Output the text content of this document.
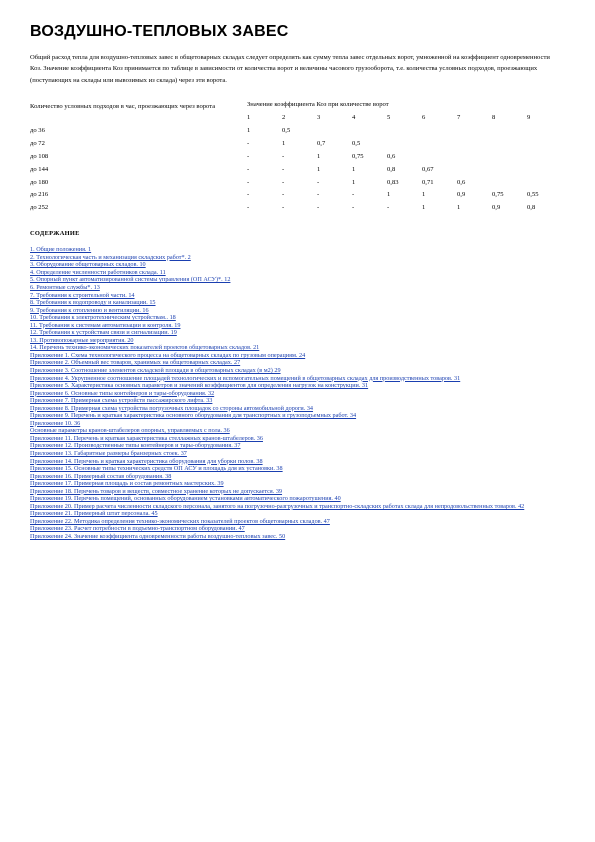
ВОЗДУШНО-ТЕПЛОВЫХ ЗАВЕС

Общий расход тепла для воздушно-тепловых завес в общетоварных складах следует определять как сумму тепла завес отдельных ворот, умноженной на коэффициент одновременности Коз. Значение коэффициента Коз принимается по таблице в зависимости от количества ворот и величины часового грузооборота, т.е. количества условных подходов, проезжающих (поступающих на склады или вывозимых из склада) через эти ворота.

Количество условных подходов в час, проезжающих через ворота	Значение коэффициента Коз при количестве ворот								
	1	2	3	4	5	6	7	8	9
до 36	1	0,5							
до 72	-	1	0,7	0,5					
до 108	-	-	1	0,75	0,6				
до 144	-	-	1	1	0,8	0,67			
до 180	-	-	-	1	0,83	0,71	0,6		
до 216	-	-	-	-	1	1	0,9	0,75	0,55
до 252	-	-	-	-	-	1	1	0,9	0,8
СОДЕРЖАНИЕ
1. Общие положения. 1
2. Технологическая часть и механизация складских работ*. 2
3. Оборудование общетоварных складов. 10
4. Определение численности работников склада. 11
5. Опорный пункт автоматизированной системы управления (ОП АСУ)*. 12
6. Ремонтные службы*. 13
7. Требования к строительной части. 14
8. Требования к водопроводу и канализации. 15
9. Требования к отоплению и вентиляции. 16
10. Требования к электротехническим устройствам.. 18
11. Требования к системам автоматизации и контроля. 19
12. Требования к устройствам связи и сигнализации. 19
13. Противопожарные мероприятия. 20
14. Перечень технико-экономических показателей проектов общетоварных складов. 21
Приложение 1. Схема технологического процесса на общетоварных складах по грузовым операциям. 24
Приложение 2. Объемный вес товаров, хранимых на общетоварных складах. 27
Приложение 3. Соотношение элементов складской площади в общетоварных складах (в м2) 29
Приложение 4. Укрупненное соотношение площадей технологических и вспомогательных помещений в общетоварных складах для производственных товаров. 31
Приложение 5. Характеристика основных параметров и значений коэффициентов для определения нагрузок на конструкции. 31
Приложение 6. Основные типы контейнеров и тары-оборудования. 32
Приложение 7. Примерная схема устройств пассажирского лифта. 33
Приложение 8. Примерная схема устройства погрузочных площадок со стороны автомобильной дороги. 34
Приложение 9. Перечень и краткая характеристика основного оборудования для транспортных и грузоподъемных работ. 34
Приложение 10. 36
Основные параметры кранов-штабелеров опорных, управляемых с пола. 36
Приложение 11. Перечень и краткая характеристика стеллажных кранов-штабелеров. 36
Приложение 12. Производственные типы контейнеров и тары-оборудования. 37
Приложение 13. Габаритные размеры бранзерных стоек. 37
Приложение 14. Перечень и краткая характеристика оборудования для уборки полов. 38
Приложение 15. Основные типы технических средств ОП АСУ и площадь для их установки. 38
Приложение 16. Примерный состав оборудования. 38
Приложение 17. Примерная площадь и состав ремонтных мастерских. 39
Приложение 18. Перечень товаров и веществ, совместное хранение которых не допускается. 39
Приложение 19. Перечень помещений, основанных оборудованием установками автоматического пожаротушения. 40
Приложение 20. Пример расчета численности складского персонала, занятого на погрузочно-разгрузочных и транспортно-складских работах склада для непродовольственных товаров. 42
Приложение 21. Примерный штат персонала. 45
Приложение 22. Методика определения технико-экономических показателей проектов общетоварных складов. 47
Приложение 23. Расчет потребности в подъемно-транспортном оборудовании. 47
Приложение 24. Значение коэффициента одновременности работы воздушно-тепловых завес. 50
